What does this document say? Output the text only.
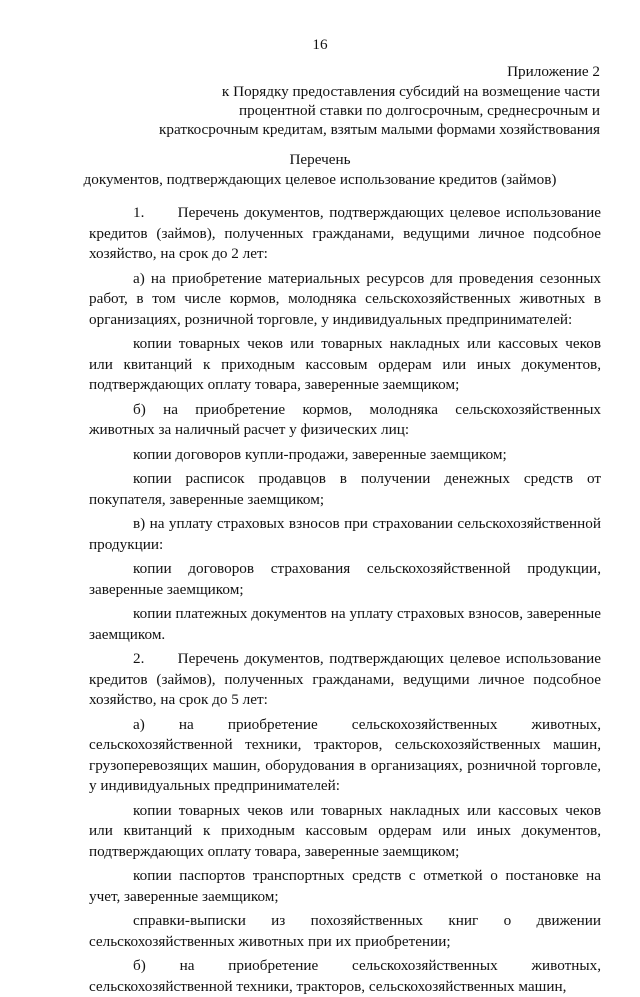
16
Приложение 2
к Порядку предоставления субсидий на возмещение части
процентной ставки по долгосрочным, среднесрочным и
краткосрочным кредитам, взятым малыми формами хозяйствования
Перечень
документов, подтверждающих целевое использование кредитов (займов)

1.      Перечень документов, подтверждающих целевое использование кредитов (займов), полученных гражданами, ведущими личное подсобное хозяйство, на срок до 2 лет:

а) на приобретение материальных ресурсов для проведения сезонных работ, в том числе кормов, молодняка сельскохозяйственных животных в организациях, розничной торговле, у индивидуальных предпринимателей:

копии товарных чеков или товарных накладных или кассовых чеков или квитанций к приходным кассовым ордерам или иных документов, подтверждающих оплату товара, заверенные заемщиком;

б) на приобретение кормов, молодняка сельскохозяйственных животных за наличный расчет у физических лиц:

копии договоров купли-продажи, заверенные заемщиком;

копии расписок продавцов в получении денежных средств от покупателя, заверенные заемщиком;

в) на уплату страховых взносов при страховании сельскохозяйственной продукции:

копии договоров страхования сельскохозяйственной продукции, заверенные заемщиком;

копии платежных документов на уплату страховых взносов, заверенные заемщиком.

2.      Перечень документов, подтверждающих целевое использование кредитов (займов), полученных гражданами, ведущими личное подсобное хозяйство, на срок до 5 лет:

а) на приобретение сельскохозяйственных животных, сельскохозяйственной техники, тракторов, сельскохозяйственных машин, грузоперевозящих машин, оборудования в организациях, розничной торговле, у индивидуальных предпринимателей:

копии товарных чеков или товарных накладных или кассовых чеков или квитанций к приходным кассовым ордерам или иных документов, подтверждающих оплату товара, заверенные заемщиком;

копии паспортов транспортных средств с отметкой о постановке на учет, заверенные заемщиком;

справки-выписки из похозяйственных книг о движении сельскохозяйственных животных при их приобретении;

б) на приобретение сельскохозяйственных животных, сельскохозяйственной техники, тракторов, сельскохозяйственных машин,
